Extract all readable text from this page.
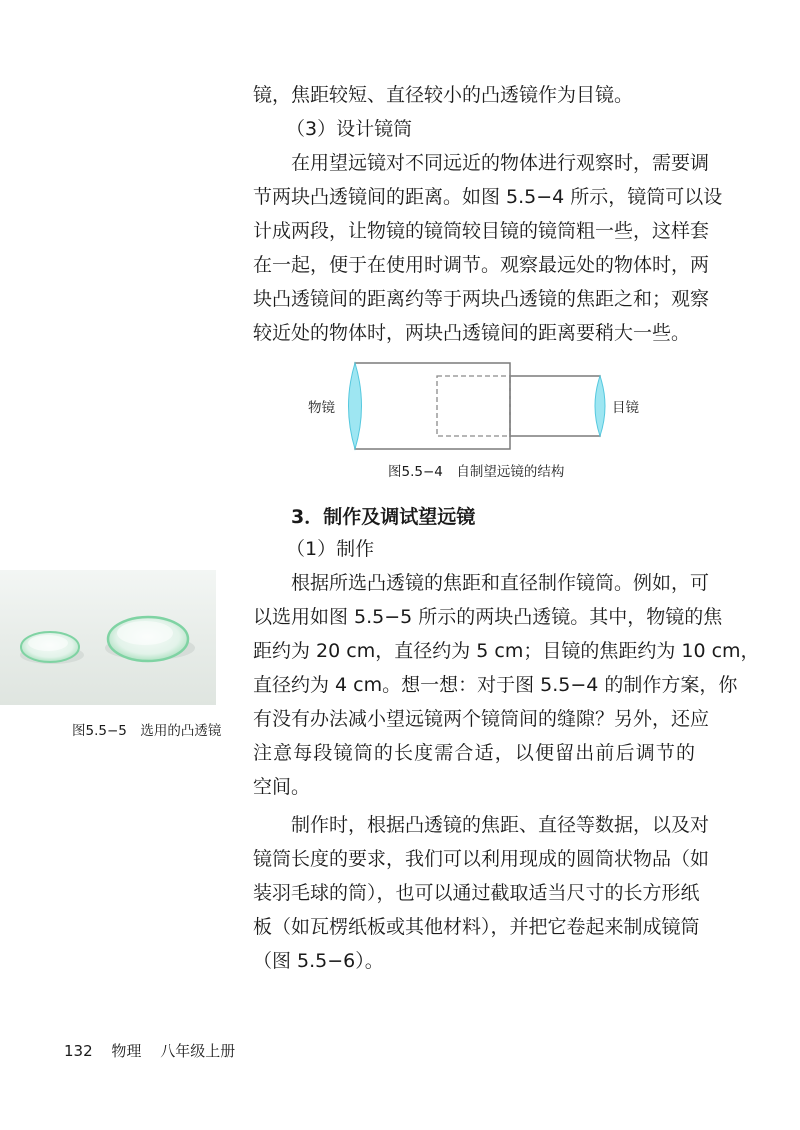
镜，焦距较短、直径较小的凸透镜作为目镜。
（3）设计镜筒
在用望远镜对不同远近的物体进行观察时，需要调
节两块凸透镜间的距离。如图 5.5−4 所示，镜筒可以设
计成两段，让物镜的镜筒较目镜的镜筒粗一些，这样套
在一起，便于在使用时调节。观察最远处的物体时，两
块凸透镜间的距离约等于两块凸透镜的焦距之和；观察
较近处的物体时，两块凸透镜间的距离要稍大一些。
物镜	目镜
图5.5−4　自制望远镜的结构
3．制作及调试望远镜
（1）制作
根据所选凸透镜的焦距和直径制作镜筒。例如，可
以选用如图 5.5−5 所示的两块凸透镜。其中，物镜的焦
距约为 20 cm，直径约为 5 cm；目镜的焦距约为 10 cm，
直径约为 4 cm。想一想：对于图 5.5−4 的制作方案，你
有没有办法减小望远镜两个镜筒间的缝隙？另外，还应
注意每段镜筒的长度需合适，以便留出前后调节的
空间。
制作时，根据凸透镜的焦距、直径等数据，以及对
镜筒长度的要求，我们可以利用现成的圆筒状物品（如
装羽毛球的筒），也可以通过截取适当尺寸的长方形纸
板（如瓦楞纸板或其他材料），并把它卷起来制成镜筒
（图 5.5−6）。
图5.5−5　选用的凸透镜
132 物理 八年级上册
